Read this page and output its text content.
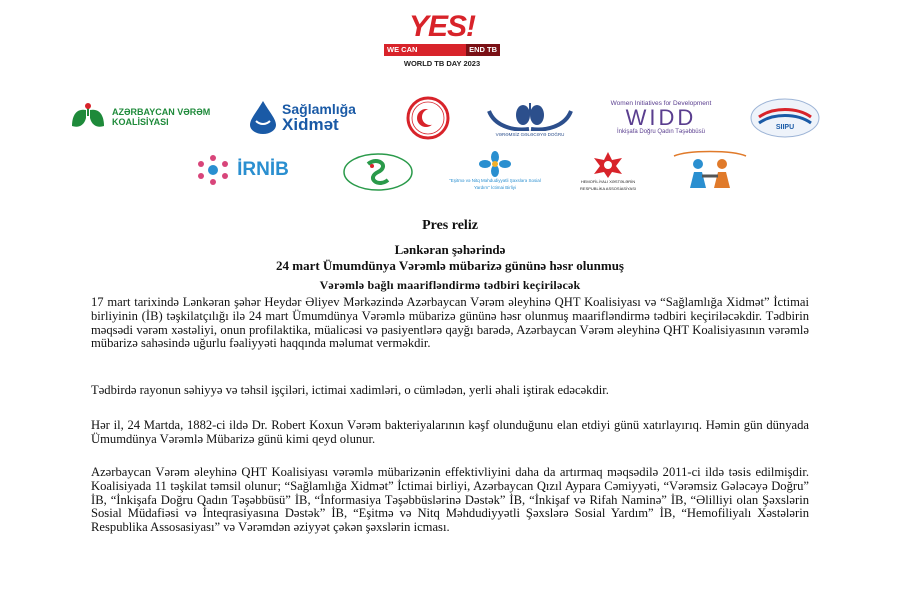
YES!
WE CAN	END TB
WORLD TB DAY 2023
AZƏRBAYCAN VƏRƏM KOALİSİYASI
Sağlamlığa
Xidmət	VƏRƏMSİZ GƏLƏCƏYƏ DOĞRU
Women Initiatives for Development
WIDD
İnkişafa Doğru Qadın Təşəbbüsü
SIIPU
İRNİB
"Eşitmə və Nitq Məhdudiyyətli Şəxslərə Sosial Yardım" İctimai Birliyi
HEMOFİLİYALI XƏSTƏLƏRİN RESPUBLİKA ASSOSİASİYASI
Pres reliz
Lənkəran şəhərində
24 mart Ümumdünya Vərəmlə mübarizə gününə həsr olunmuş
Vərəmlə bağlı maarifləndirmə tədbiri keçiriləcək

17 mart tarixində Lənkəran şəhər Heydər Əliyev Mərkəzində Azərbaycan Vərəm əleyhinə QHT Koalisiyası və “Sağlamlığa Xidmət” İctimai birliyinin (İB) təşkilatçılığı ilə 24 mart Ümumdünya Vərəmlə mübarizə gününə həsr olunmuş maarifləndirmə tədbiri keçiriləcəkdir. Tədbirin məqsədi vərəm xəstəliyi, onun profilaktika, müalicəsi və pasiyentlərə qayğı barədə, Azərbaycan Vərəm əleyhinə QHT Koalisiyasının vərəmlə mübarizə sahəsində uğurlu fəaliyyəti haqqında məlumat verməkdir.

Tədbirdə rayonun səhiyyə və təhsil işçiləri, ictimai xadimləri, o cümlədən, yerli əhali iştirak edəcəkdir.

Hər il, 24 Martda, 1882-ci ildə Dr. Robert Koxun Vərəm bakteriyalarının kəşf olunduğunu elan etdiyi günü xatırlayırıq. Həmin gün dünyada Ümumdünya Vərəmlə Mübarizə günü kimi qeyd olunur.

Azərbaycan Vərəm əleyhinə QHT Koalisiyası vərəmlə mübarizənin effektivliyini daha da artırmaq məqsədilə 2011-ci ildə təsis edilmişdir. Koalisiyada 11 təşkilat təmsil olunur; “Sağlamlığa Xidmət” İctimai birliyi, Azərbaycan Qızıl Aypara Cəmiyyəti, “Vərəmsiz Gələcəyə Doğru” İB, “İnkişafa Doğru Qadın Təşəbbüsü” İB, “İnformasiya Təşəbbüslərinə Dəstək” İB, “İnkişaf və Rifah Naminə” İB, “Əlilliyi olan Şəxslərin Sosial Müdafiəsi və İnteqrasiyasına Dəstək” İB, “Eşitmə və Nitq Məhdudiyyətli Şəxslərə Sosial Yardım” İB, “Hemofiliyalı Xəstələrin Respublika Assosasiyası” və Vərəmdən əziyyət çəkən şəxslərin icması.
